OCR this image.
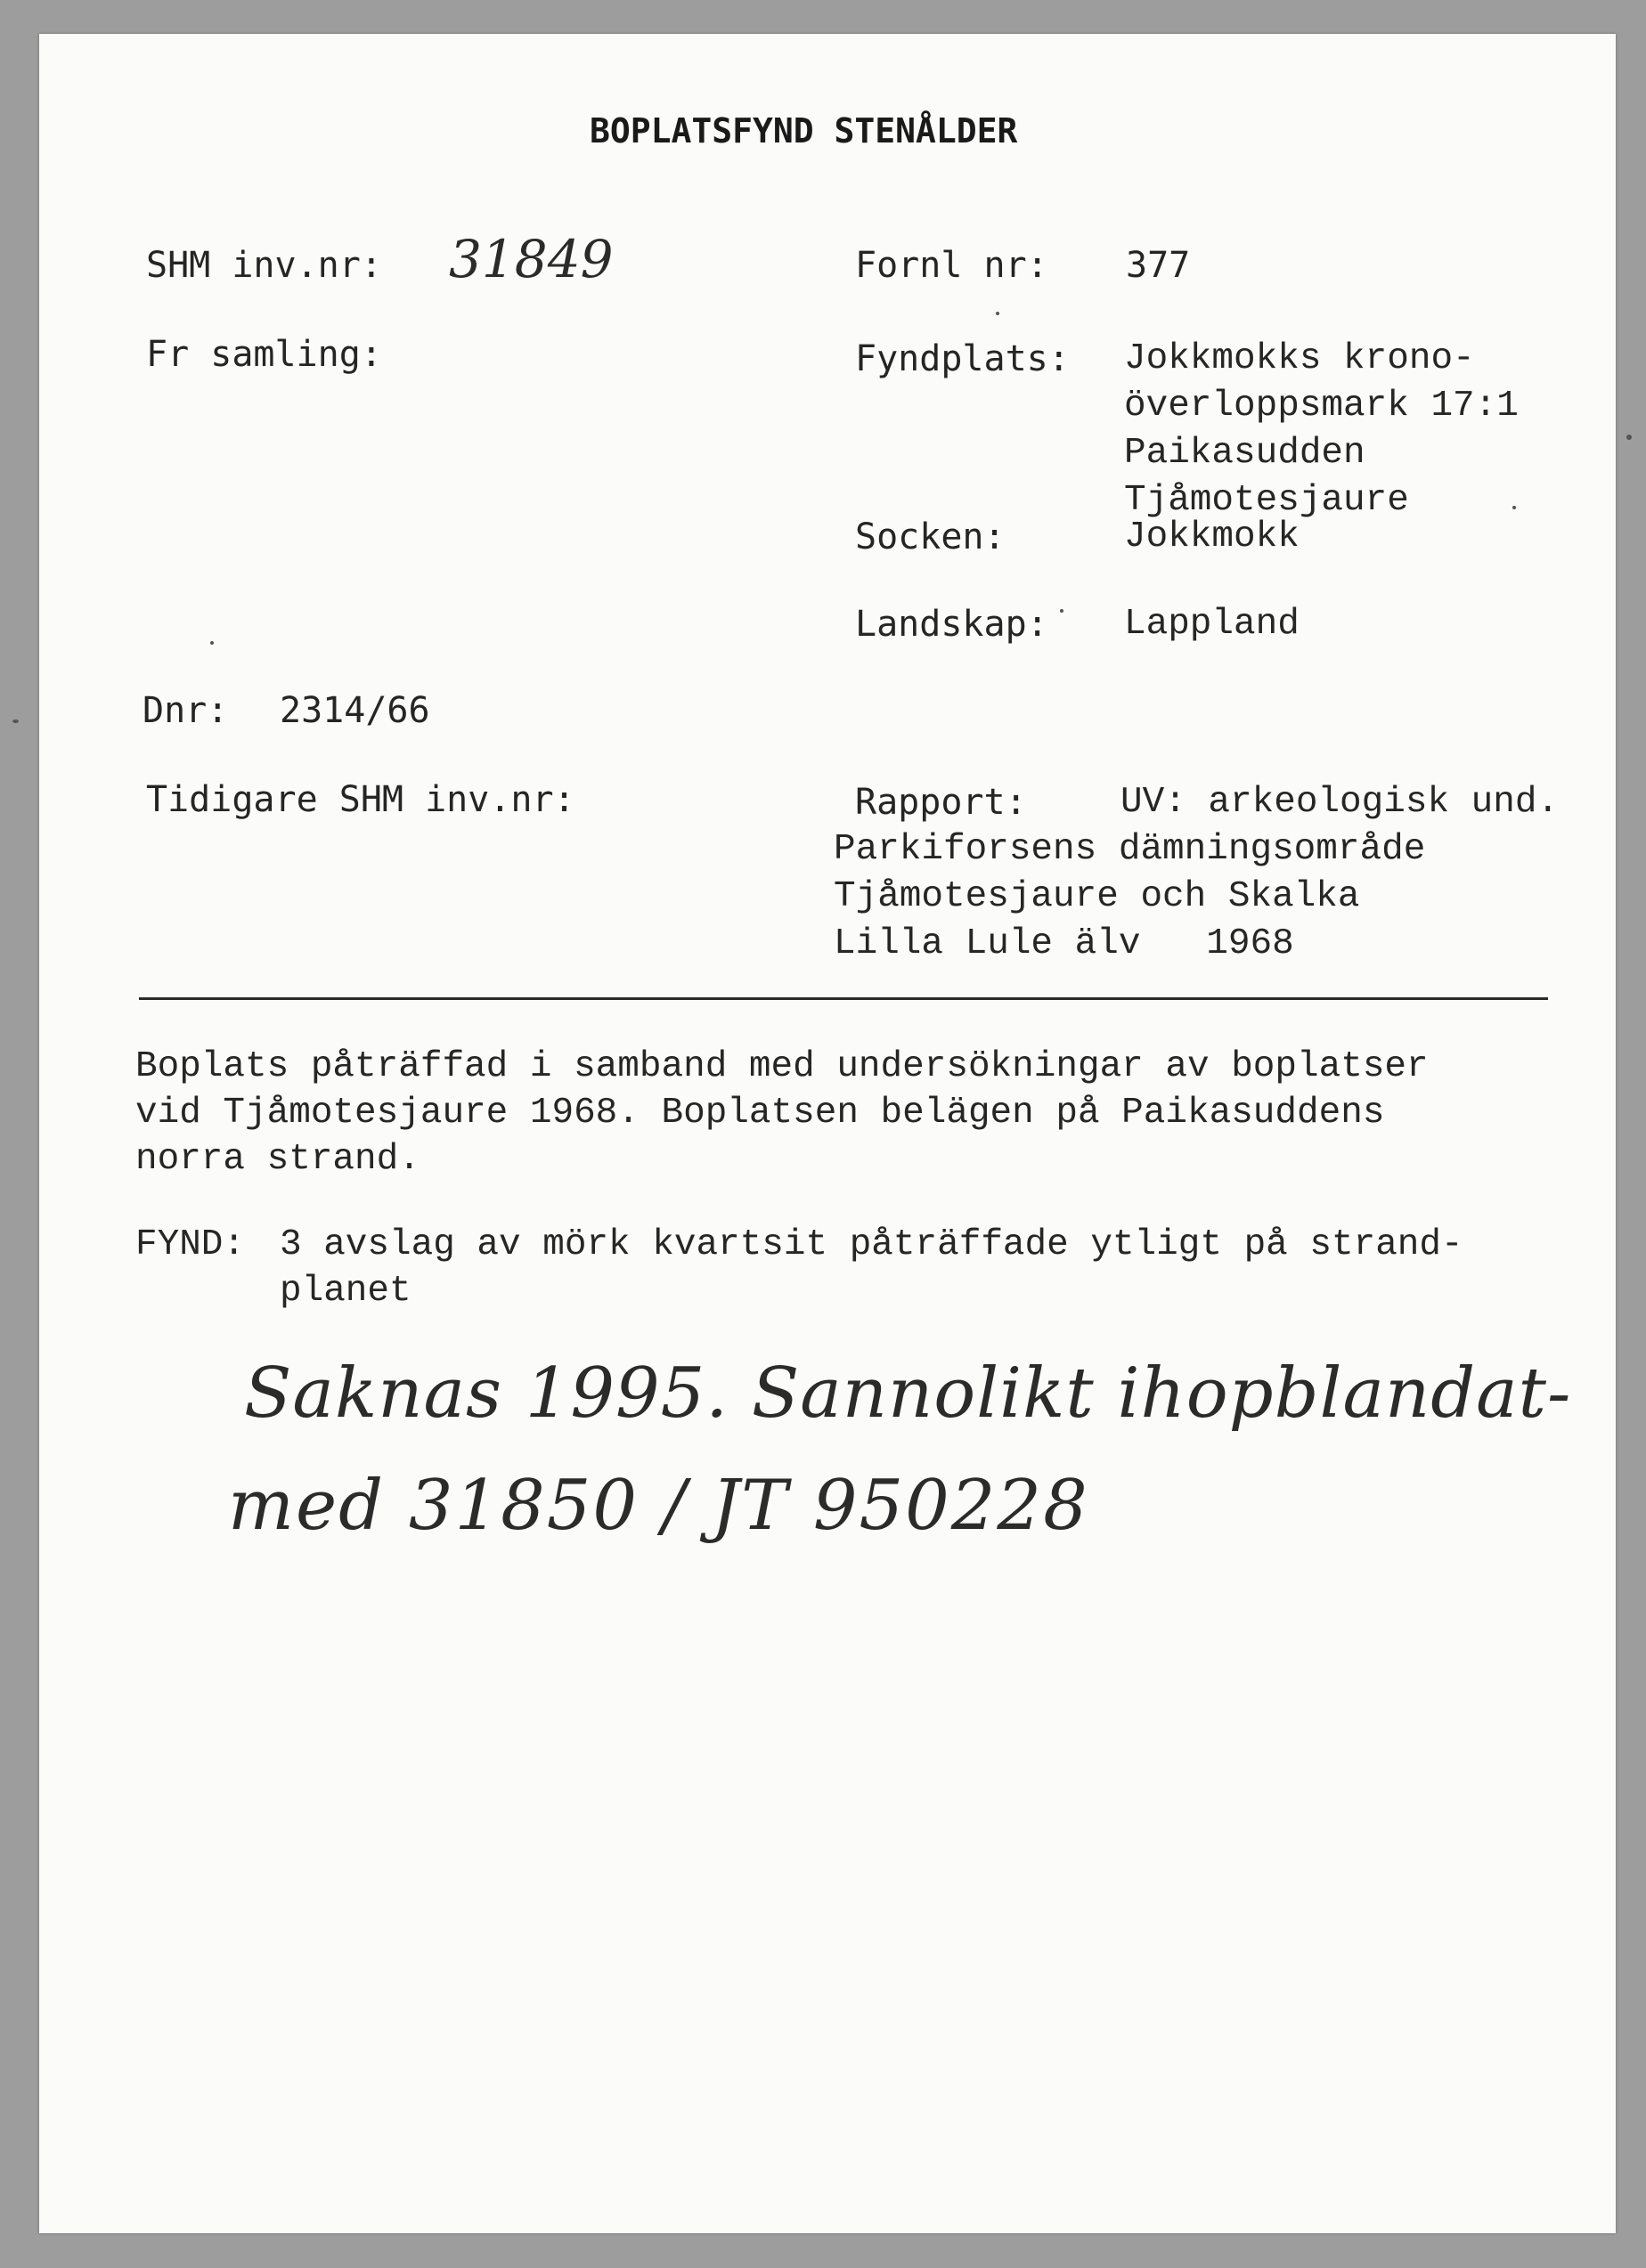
BOPLATSFYND STENÅLDER
SHM inv.nr: 31849
Fr samling:
Dnr: 2314/66
Tidigare SHM inv.nr:
Fornl nr: 377
Fyndplats: Jokkmokks krono-
överloppsmark 17:1
Paikasudden
Tjåmotesjaure
Socken:	Jokkmokk
Landskap: Lappland
Rapport:	UV: arkeologisk und.
Parkiforsens dämningsområde
Tjåmotesjaure och Skalka
Lilla Lule älv   1968
Boplats påträffad i samband med undersökningar av boplatser
vid Tjåmotesjaure 1968. Boplatsen belägen på Paikasuddens
norra strand.
FYND: 3 avslag av mörk kvartsit påträffade ytligt på strand-
planet
Saknas 1995. Sannolikt ihopblandat-
med 31850 / JT 950228
